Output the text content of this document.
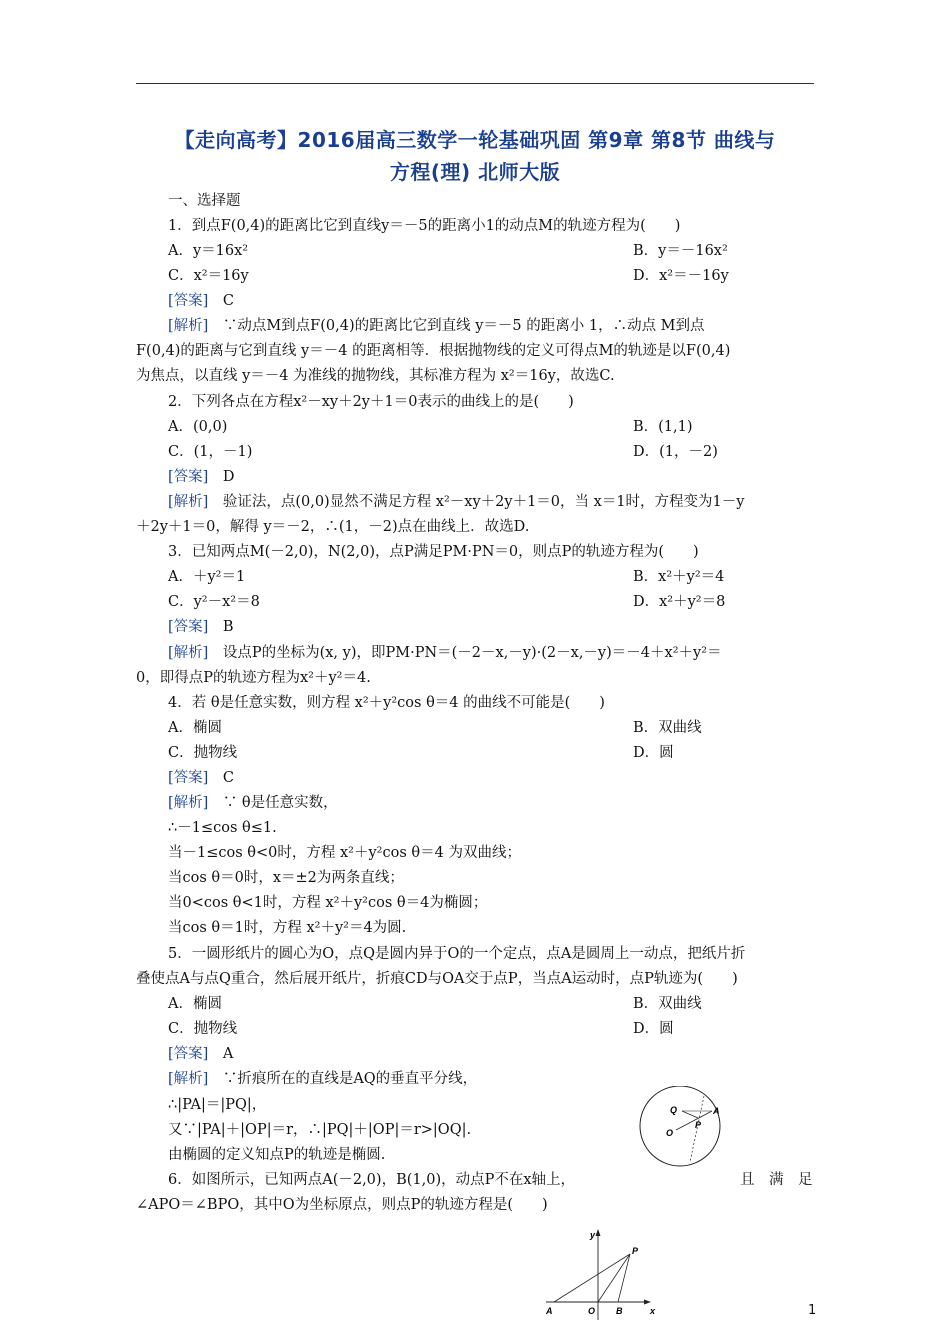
【走向高考】2016届高三数学一轮基础巩固 第9章 第8节 曲线与
方程(理) 北师大版
一、选择题
1．到点F(0,4)的距离比它到直线y＝－5的距离小1的动点M的轨迹方程为(　　)
A．y＝16x²	B．y＝－16x²
C．x²＝16y	D．x²＝－16y
[答案]　 C
[解析]　 ∵动点M到点F(0,4)的距离比它到直线 y＝－5 的距离小 1，∴动点 M到点
F(0,4)的距离与它到直线 y＝－4 的距离相等．根据抛物线的定义可得点M的轨迹是以F(0,4)
为焦点，以直线 y＝－4 为准线的抛物线，其标准方程为 x²＝16y，故选C.
2．下列各点在方程x²－xy＋2y＋1＝0表示的曲线上的是(　　)
A．(0,0)	B．(1,1)
C．(1，－1)	D．(1，－2)
[答案]　 D
[解析]　 验证法，点(0,0)显然不满足方程 x²－xy＋2y＋1＝0，当 x＝1时，方程变为1－y
＋2y＋1＝0，解得 y＝－2，∴(1，－2)点在曲线上．故选D.
3．已知两点M(－2,0)，N(2,0)，点P满足PM·PN＝0，则点P的轨迹方程为(　　)
A．＋y²＝1	B．x²＋y²＝4
C．y²－x²＝8	D．x²＋y²＝8
[答案]　 B
[解析]　 设点P的坐标为(x, y)，即PM·PN＝(－2－x,－y)·(2－x,－y)＝－4＋x²＋y²＝
0，即得点P的轨迹方程为x²＋y²＝4.
4．若 θ是任意实数，则方程 x²＋y²cos θ＝4 的曲线不可能是(　　)
A．椭圆	B．双曲线
C．抛物线	D．圆
[答案]　 C
[解析]　 ∵ θ是任意实数，
∴－1≤cos θ≤1.
当－1≤cos θ<0时，方程 x²＋y²cos θ＝4 为双曲线；
当cos θ＝0时，x＝±2为两条直线；
当0<cos θ<1时，方程 x²＋y²cos θ＝4为椭圆；
当cos θ＝1时，方程 x²＋y²＝4为圆.
5．一圆形纸片的圆心为O，点Q是圆内异于O的一个定点，点A是圆周上一动点，把纸片折
叠使点A与点Q重合，然后展开纸片，折痕CD与OA交于点P，当点A运动时，点P轨迹为(　　)
A．椭圆	B．双曲线
C．抛物线	D．圆
[答案]　 A
[解析]　 ∵折痕所在的直线是AQ的垂直平分线，
∴|PA|＝|PQ|，
又∵|PA|＋|OP|＝r，∴|PQ|＋|OP|＝r>|OQ|.
由椭圆的定义知点P的轨迹是椭圆.
Q	A
P
O
6．如图所示，已知两点A(－2,0)，B(1,0)，动点P不在x轴上，	且　满　足
∠APO＝∠BPO，其中O为坐标原点，则点P的轨迹方程是(　　)
y
P
A	O B	x	1
